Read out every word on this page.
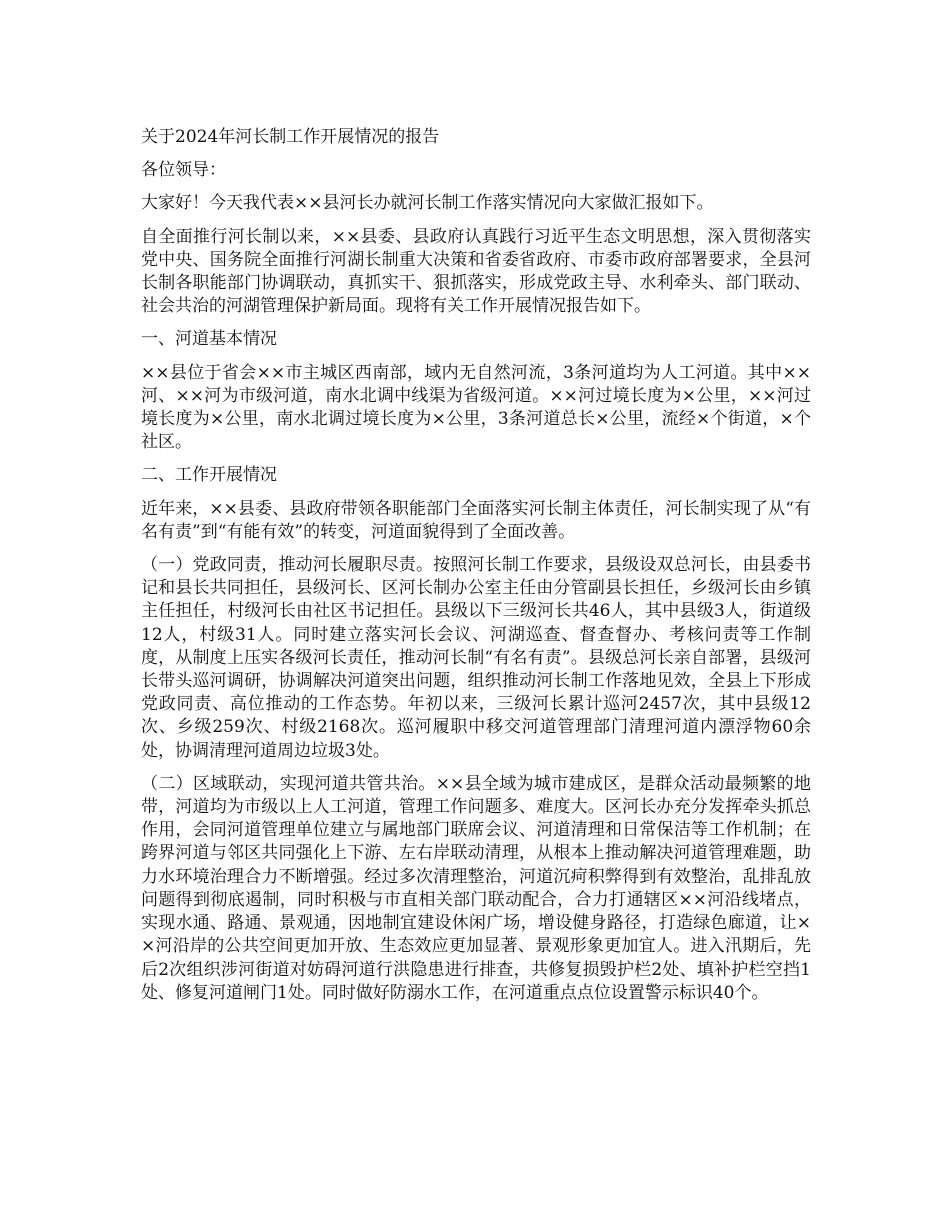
关于2024年河长制工作开展情况的报告

各位领导：

大家好！今天我代表××县河长办就河长制工作落实情况向大家做汇报如下。

自全面推行河长制以来，××县委、县政府认真践行习近平生态文明思想，深入贯彻落实党中央、国务院全面推行河湖长制重大决策和省委省政府、市委市政府部署要求，全县河长制各职能部门协调联动，真抓实干、狠抓落实，形成党政主导、水利牵头、部门联动、社会共治的河湖管理保护新局面。现将有关工作开展情况报告如下。

一、河道基本情况

××县位于省会××市主城区西南部，域内无自然河流，3条河道均为人工河道。其中××河、××河为市级河道，南水北调中线渠为省级河道。××河过境长度为×公里，××河过境长度为×公里，南水北调过境长度为×公里，3条河道总长×公里，流经×个街道，×个社区。

二、工作开展情况

近年来，××县委、县政府带领各职能部门全面落实河长制主体责任，河长制实现了从“有名有责”到“有能有效”的转变，河道面貌得到了全面改善。

（一）党政同责，推动河长履职尽责。按照河长制工作要求，县级设双总河长，由县委书记和县长共同担任，县级河长、区河长制办公室主任由分管副县长担任，乡级河长由乡镇主任担任，村级河长由社区书记担任。县级以下三级河长共46人，其中县级3人，街道级12人，村级31人。同时建立落实河长会议、河湖巡查、督查督办、考核问责等工作制度，从制度上压实各级河长责任，推动河长制“有名有责”。县级总河长亲自部署，县级河长带头巡河调研，协调解决河道突出问题，组织推动河长制工作落地见效，全县上下形成党政同责、高位推动的工作态势。年初以来，三级河长累计巡河2457次，其中县级12次、乡级259次、村级2168次。巡河履职中移交河道管理部门清理河道内漂浮物60余处，协调清理河道周边垃圾3处。

（二）区域联动，实现河道共管共治。××县全域为城市建成区，是群众活动最频繁的地带，河道均为市级以上人工河道，管理工作问题多、难度大。区河长办充分发挥牵头抓总作用，会同河道管理单位建立与属地部门联席会议、河道清理和日常保洁等工作机制；在跨界河道与邻区共同强化上下游、左右岸联动清理，从根本上推动解决河道管理难题，助力水环境治理合力不断增强。经过多次清理整治，河道沉疴积弊得到有效整治，乱排乱放问题得到彻底遏制，同时积极与市直相关部门联动配合，合力打通辖区××河沿线堵点，实现水通、路通、景观通，因地制宜建设休闲广场，增设健身路径，打造绿色廊道，让××河沿岸的公共空间更加开放、生态效应更加显著、景观形象更加宜人。进入汛期后，先后2次组织涉河街道对妨碍河道行洪隐患进行排查，共修复损毁护栏2处、填补护栏空挡1处、修复河道闸门1处。同时做好防溺水工作，在河道重点点位设置警示标识40个。
